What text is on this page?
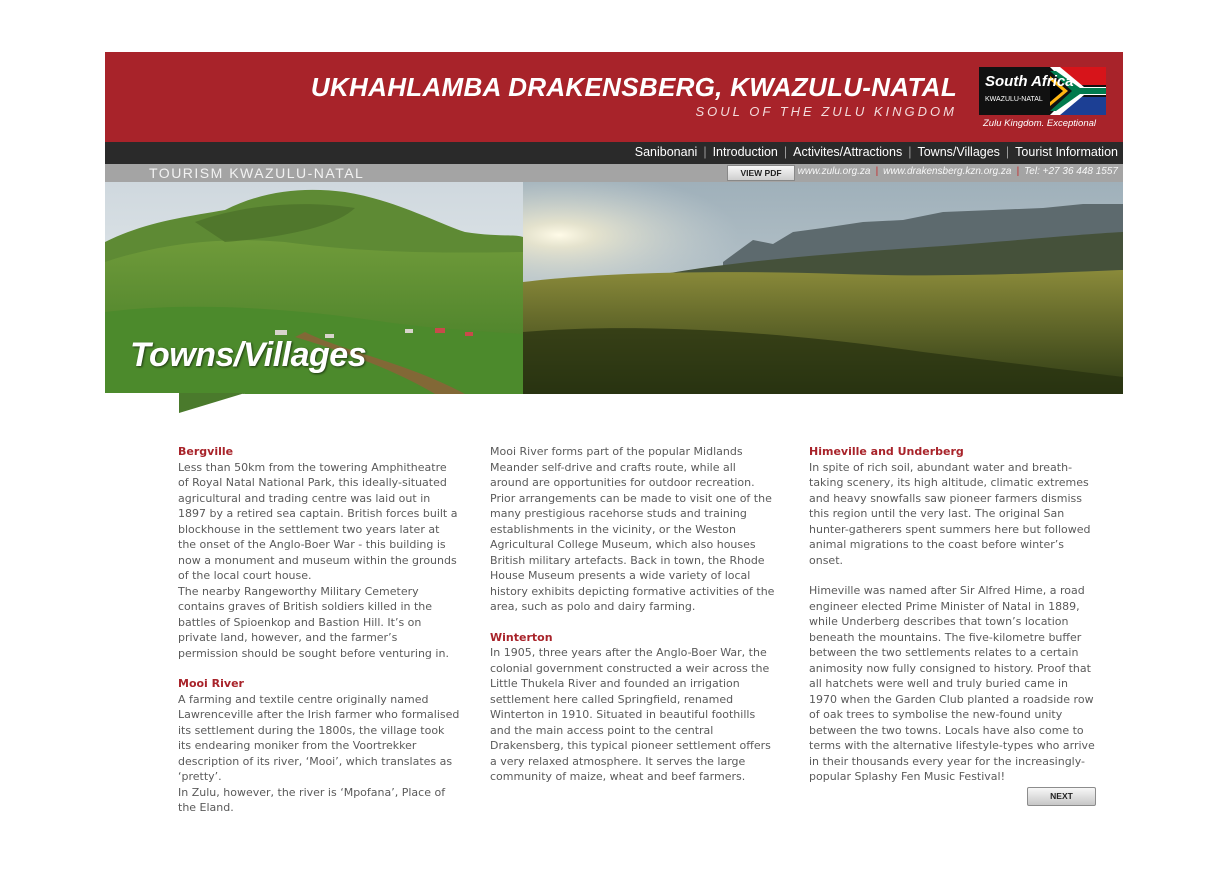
UKHAHLAMBA DRAKENSBERG, KWAZULU-NATAL
SOUL OF THE ZULU KINGDOM
South Africa
KWAZULU-NATAL
Zulu Kingdom. Exceptional
Sanibonani | Introduction | Activites/Attractions | Towns/Villages | Tourist Information
TOURISM KWAZULU-NATAL	VIEW PDF	www.zulu.org.za | www.drakensberg.kzn.org.za | Tel: +27 36 448 1557
Towns/Villages
Bergville

Less than 50km from the towering Amphitheatre of Royal Natal National Park, this ideally-situated agricultural and trading centre was laid out in 1897 by a retired sea captain. British forces built a blockhouse in the settlement two years later at the onset of the Anglo-Boer War - this building is now a monument and museum within the grounds of the local court house.

The nearby Rangeworthy Military Cemetery contains graves of British soldiers killed in the battles of Spioenkop and Bastion Hill. It’s on private land, however, and the farmer’s permission should be sought before venturing in.

Mooi River

A farming and textile centre originally named Lawrenceville after the Irish farmer who formalised its settlement during the 1800s, the village took its endearing moniker from the Voortrekker description of its river, ‘Mooi’, which translates as ‘pretty’.

In Zulu, however, the river is ‘Mpofana’, Place of the Eland.

Mooi River forms part of the popular Midlands Meander self-drive and crafts route, while all around are opportunities for outdoor recreation. Prior arrangements can be made to visit one of the many prestigious racehorse studs and training establishments in the vicinity, or the Weston Agricultural College Museum, which also houses British military artefacts. Back in town, the Rhode House Museum presents a wide variety of local history exhibits depicting formative activities of the area, such as polo and dairy farming.

Winterton

In 1905, three years after the Anglo-Boer War, the colonial government constructed a weir across the Little Thukela River and founded an irrigation settlement here called Springfield, renamed Winterton in 1910. Situated in beautiful foothills and the main access point to the central Drakensberg, this typical pioneer settlement offers a very relaxed atmosphere. It serves the large community of maize, wheat and beef farmers.

Himeville and Underberg

In spite of rich soil, abundant water and breath-taking scenery, its high altitude, climatic extremes and heavy snowfalls saw pioneer farmers dismiss this region until the very last. The original San hunter-gatherers spent summers here but followed animal migrations to the coast before winter’s onset.

Himeville was named after Sir Alfred Hime, a road engineer elected Prime Minister of Natal in 1889, while Underberg describes that town’s location beneath the mountains. The five-kilometre buffer between the two settlements relates to a certain animosity now fully consigned to history. Proof that all hatchets were well and truly buried came in 1970 when the Garden Club planted a roadside row of oak trees to symbolise the new-found unity between the two towns. Locals have also come to terms with the alternative lifestyle-types who arrive in their thousands every year for the increasingly-popular Splashy Fen Music Festival!

NEXT
